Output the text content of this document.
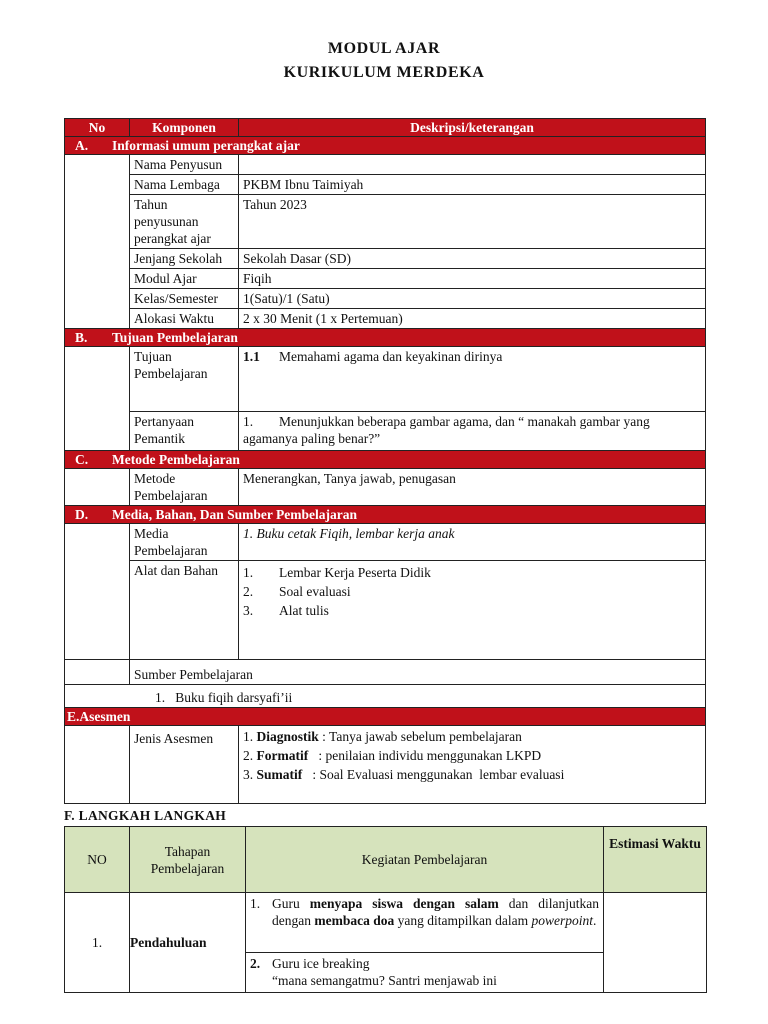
MODUL AJAR
KURIKULUM MERDEKA
No	Komponen	Deskripsi/keterangan
A. Informasi umum perangkat ajar		
	Nama Penyusun	
	Nama Lembaga	PKBM Ibnu Taimiyah
	Tahun penyusunan perangkat ajar	Tahun 2023
	Jenjang Sekolah	Sekolah Dasar (SD)
	Modul Ajar	Fiqih
	Kelas/Semester	1(Satu)/1 (Satu)
	Alokasi Waktu	2 x 30 Menit (1 x Pertemuan)
B. Tujuan Pembelajaran		
	Tujuan Pembelajaran	1.1 Memahami agama dan keyakinan dirinya
	Pertanyaan Pemantik	1. Menunjukkan beberapa gambar agama, dan “ manakah gambar yang agamanya paling benar?”
C. Metode Pembelajaran		
	Metode Pembelajaran	Menerangkan, Tanya jawab, penugasan
D. Media, Bahan, Dan Sumber Pembelajaran		
	Media Pembelajaran	1. Buku cetak Fiqih, lembar kerja anak
	Alat dan Bahan	1. Lembar Kerja Peserta Didik
2. Soal evaluasi
3. Alat tulis

	Sumber Pembelajaran	
1.   Buku fiqih darsyafi’ii		
E.Asesmen		
	Jenis Asesmen	1. Diagnostik : Tanya jawab sebelum pembelajaran
2. Formatif   : penilaian individu menggunakan LKPD
3. Sumatif   : Soal Evaluasi menggunakan  lembar evaluasi
F. LANGKAH LANGKAH
NO	Tahapan Pembelajaran	Kegiatan Pembelajaran	Estimasi Waktu
1.	Pendahuluan	1. Guru menyapa siswa dengan salam dan dilanjutkan dengan membaca doa yang ditampilkan dalam powerpoint.	

		2. Guru ice breaking
“mana semangatmu? Santri menjawab ini	
